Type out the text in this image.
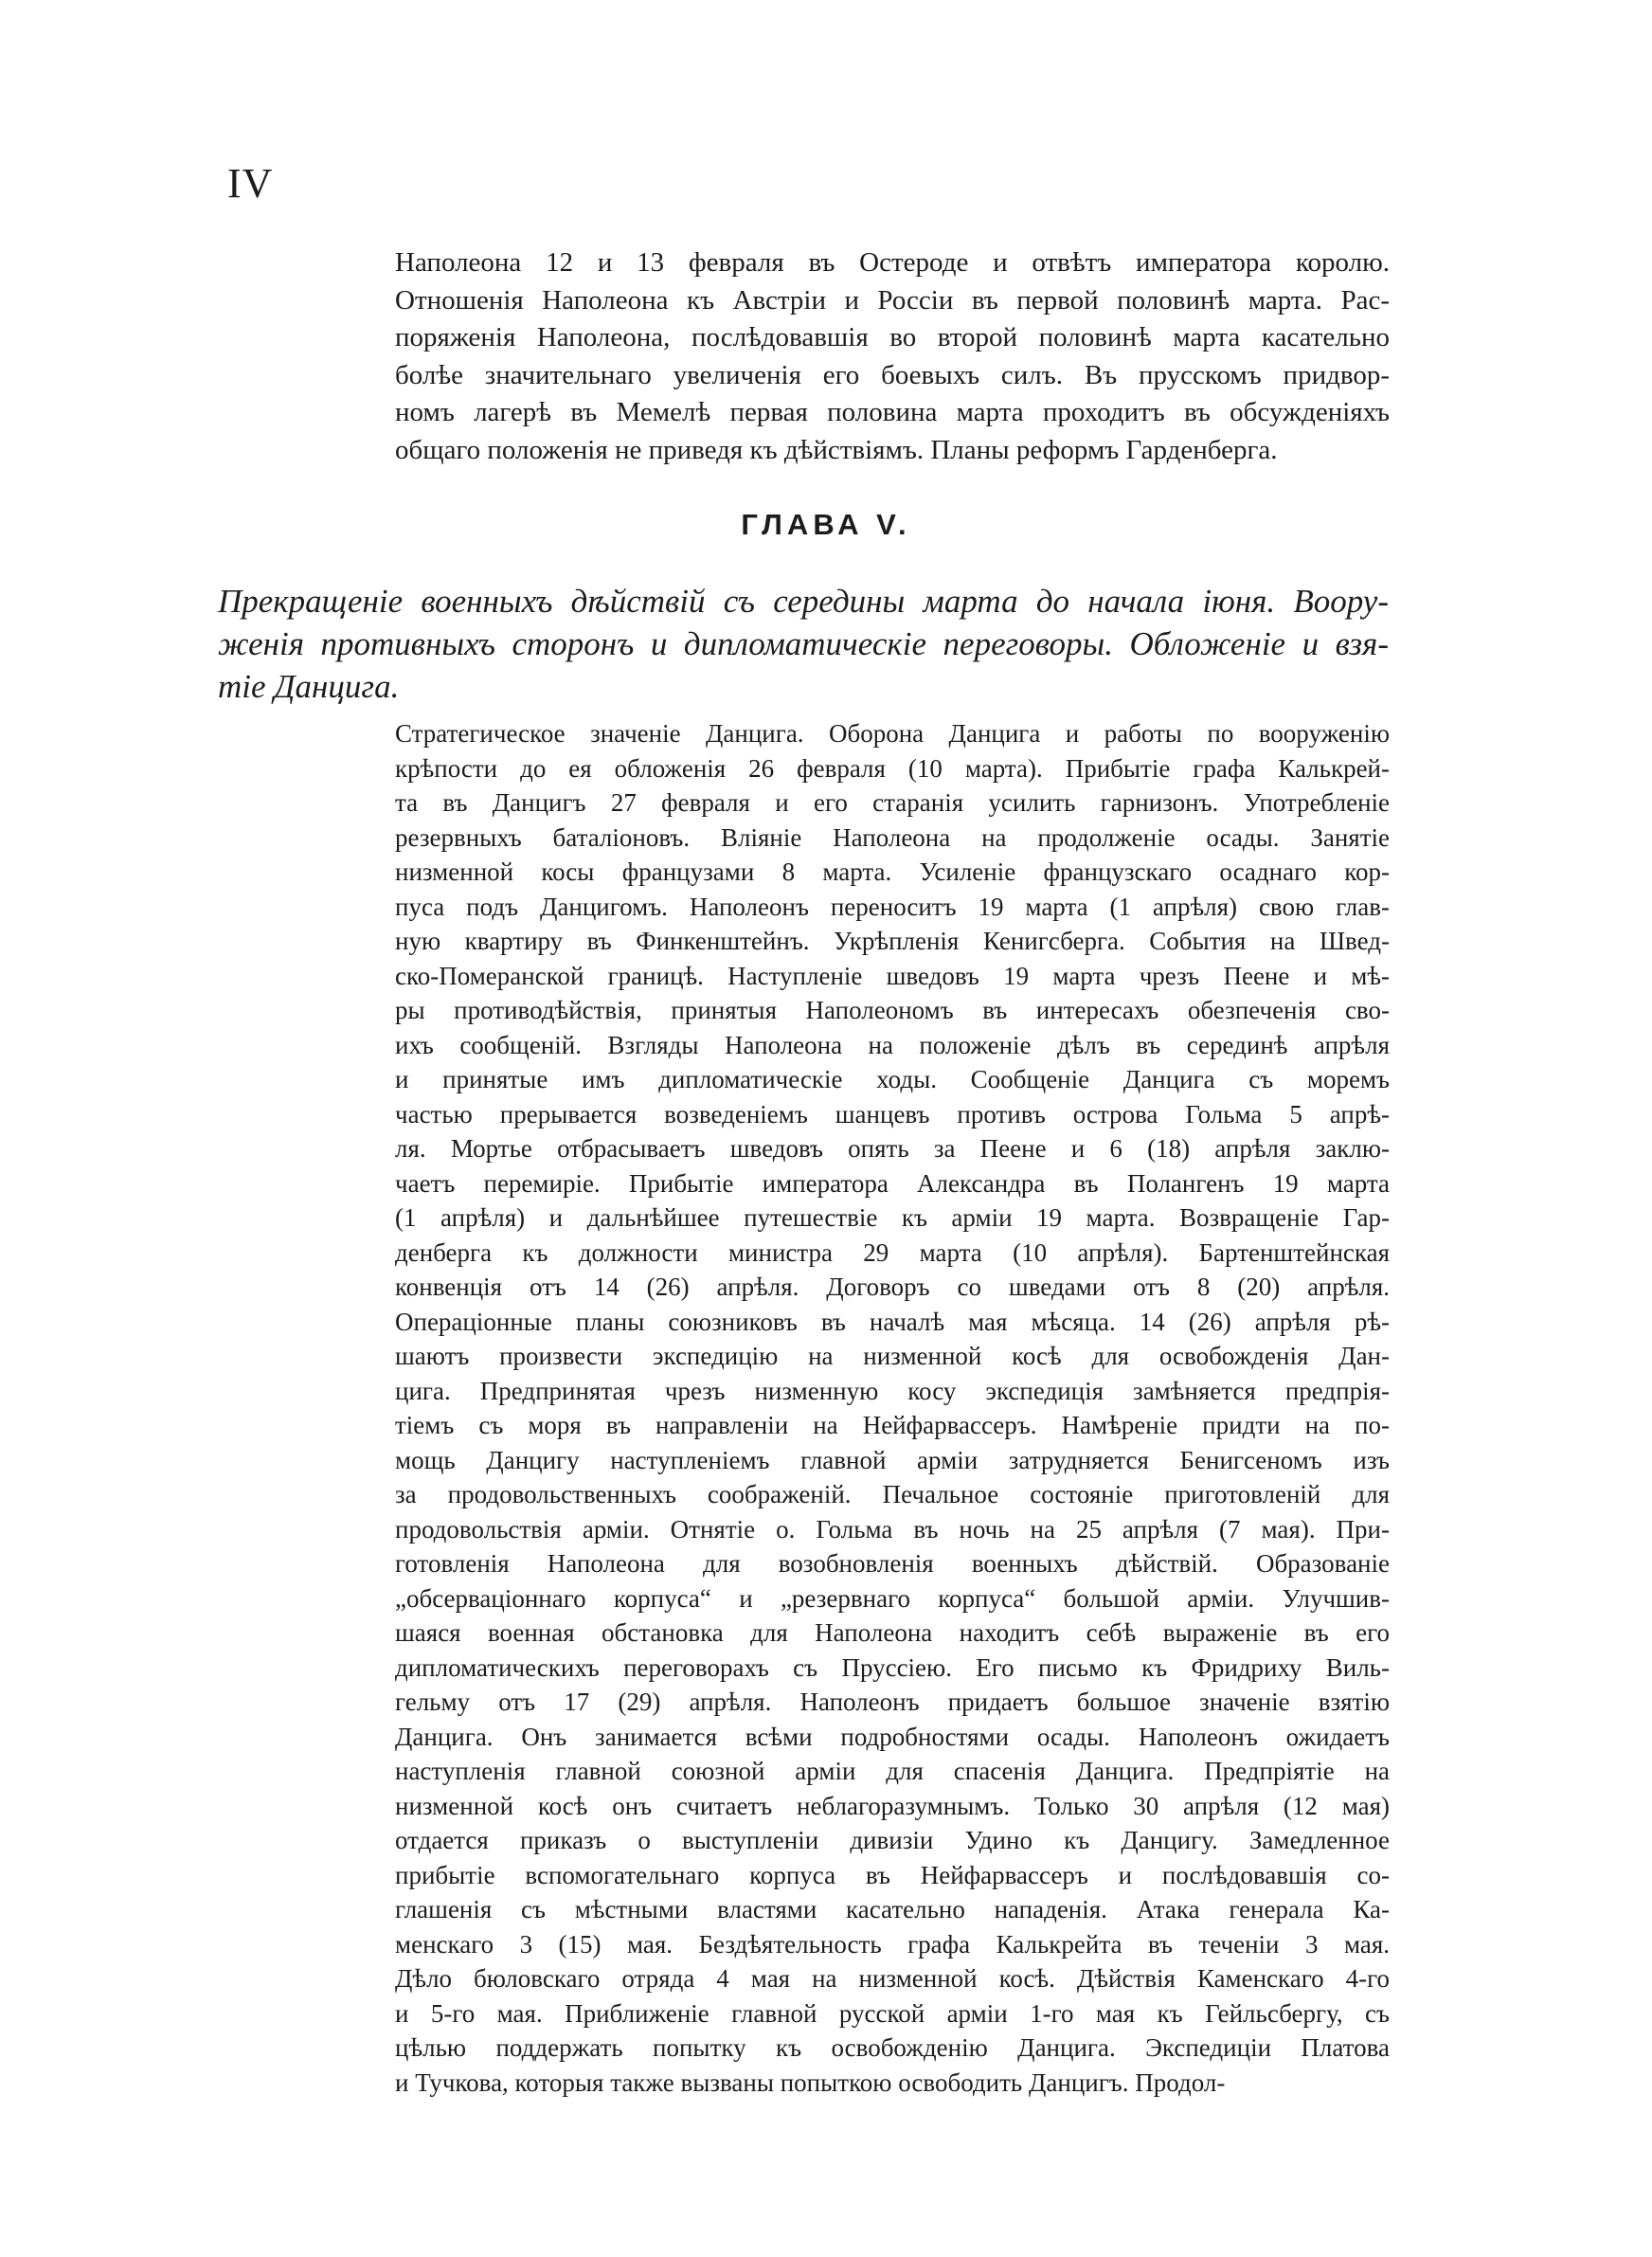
IV

Наполеона 12 и 13 февраля въ Остероде и отвѣтъ императора королю.
Отношенія Наполеона къ Австріи и Россіи въ первой половинѣ марта. Рас-
поряженія Наполеона, послѣдовавшія во второй половинѣ марта касательно
болѣе значительнаго увеличенія его боевыхъ силъ. Въ прусскомъ придвор-
номъ лагерѣ въ Мемелѣ первая половина марта проходитъ въ обсужденіяхъ
общаго положенія не приведя къ дѣйствіямъ. Планы реформъ Гарденберга.

ГЛАВА V.

Прекращеніе военныхъ дѣйствій съ середины марта до начала іюня. Воору-
женія противныхъ сторонъ и дипломатическіе переговоры. Обложеніе и взя-
тіе Данцига.

Стратегическое значеніе Данцига. Оборона Данцига и работы по вооруженію
крѣпости до ея обложенія 26 февраля (10 марта). Прибытіе графа Калькрей-
та въ Данцигъ 27 февраля и его старанія усилить гарнизонъ. Употребленіе
резервныхъ баталіоновъ. Вліяніе Наполеона на продолженіе осады. Занятіе
низменной косы французами 8 марта. Усиленіе французскаго осаднаго кор-
пуса подъ Данцигомъ. Наполеонъ переноситъ 19 марта (1 апрѣля) свою глав-
ную квартиру въ Финкенштейнъ. Укрѣпленія Кенигсберга. События на Швед-
ско-Померанской границѣ. Наступленіе шведовъ 19 марта чрезъ Пеене и мѣ-
ры противодѣйствія, принятыя Наполеономъ въ интересахъ обезпеченія сво-
ихъ сообщеній. Взгляды Наполеона на положеніе дѣлъ въ серединѣ апрѣля
и принятые имъ дипломатическіе ходы. Сообщеніе Данцига съ моремъ
частью прерывается возведеніемъ шанцевъ противъ острова Гольма 5 апрѣ-
ля. Мортье отбрасываетъ шведовъ опять за Пеене и 6 (18) апрѣля заклю-
чаетъ перемиріе. Прибытіе императора Александра въ Полангенъ 19 марта
(1 апрѣля) и дальнѣйшее путешествіе къ арміи 19 марта. Возвращеніе Гар-
денберга къ должности министра 29 марта (10 апрѣля). Бартенштейнская
конвенція отъ 14 (26) апрѣля. Договоръ со шведами отъ 8 (20) апрѣля.
Операціонные планы союзниковъ въ началѣ мая мѣсяца. 14 (26) апрѣля рѣ-
шаютъ произвести экспедицію на низменной косѣ для освобожденія Дан-
цига. Предпринятая чрезъ низменную косу экспедиція замѣняется предпрія-
тіемъ съ моря въ направленіи на Нейфарвассеръ. Намѣреніе придти на по-
мощь Данцигу наступленіемъ главной арміи затрудняется Бенигсеномъ изъ
за продовольственныхъ соображеній. Печальное состояніе приготовленій для
продовольствія арміи. Отнятіе о. Гольма въ ночь на 25 апрѣля (7 мая). При-
готовленія Наполеона для возобновленія военныхъ дѣйствій. Образованіе
„обсерваціоннаго корпуса“ и „резервнаго корпуса“ большой арміи. Улучшив-
шаяся военная обстановка для Наполеона находитъ себѣ выраженіе въ его
дипломатическихъ переговорахъ съ Пруссіею. Его письмо къ Фридриху Виль-
гельму отъ 17 (29) апрѣля. Наполеонъ придаетъ большое значеніе взятію
Данцига. Онъ занимается всѣми подробностями осады. Наполеонъ ожидаетъ
наступленія главной союзной арміи для спасенія Данцига. Предпріятіе на
низменной косѣ онъ считаетъ неблагоразумнымъ. Только 30 апрѣля (12 мая)
отдается приказъ о выступленіи дивизіи Удино къ Данцигу. Замедленное
прибытіе вспомогательнаго корпуса въ Нейфарвассеръ и послѣдовавшія со-
глашенія съ мѣстными властями касательно нападенія. Атака генерала Ка-
менскаго 3 (15) мая. Бездѣятельность графа Калькрейта въ теченіи 3 мая.
Дѣло бюловскаго отряда 4 мая на низменной косѣ. Дѣйствія Каменскаго 4-го
и 5-го мая. Приближеніе главной русской арміи 1-го мая къ Гейльсбергу, съ
цѣлью поддержать попытку къ освобожденію Данцига. Экспедиціи Платова
и Тучкова, которыя также вызваны попыткою освободить Данцигъ. Продол-
